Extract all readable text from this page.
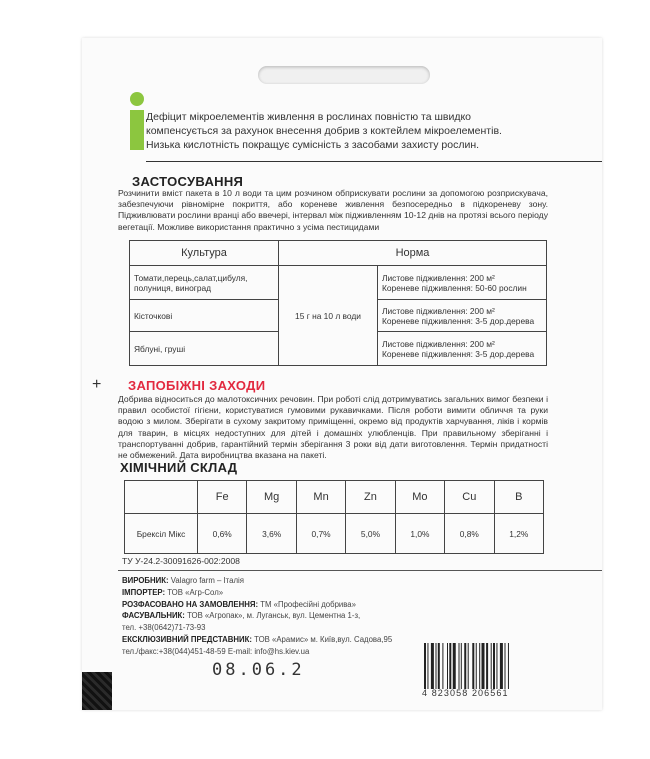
Дефіцит мікроелементів живлення в рослинах повністю та швидко
компенсується за рахунок внесення добрив з коктейлем мікроелементів.
Низька кислотність покращує сумісність з засобами захисту рослин.
ЗАСТОСУВАННЯ
Розчинити вміст пакета в 10 л води та цим розчином обприскувати рослини за допомогою розприскувача, забезпечуючи рівномірне покриття, або кореневе живлення безпосередньо в підкореневу зону. Підживлювати рослини вранці або ввечері, інтервал між підживленням 10-12 днів на протязі всього періоду вегетації. Можливе використання практично з усіма пестицидами
Культура	Норма	
Томати,перець,салат,цибуля, полуниця, виноград	15 г на 10 л води	Листове підживлення: 200 м²
Кореневе підживлення: 50-60 рослин

Кісточкові		Листове підживлення: 200 м²
Кореневе підживлення: 3-5 дор.дерева

Яблуні, груші		Листове підживлення: 200 м²
Кореневе підживлення: 3-5 дор.дерева
ЗАПОБІЖНІ ЗАХОДИ
Добрива відноситься до малотоксичних речовин. При роботі слід дотримуватись загальних вимог безпеки і правил особистої гігієни, користуватися гумовими рукавичками. Після роботи вимити обличчя та руки водою з милом. Зберігати в сухому закритому приміщенні, окремо від продуктів харчування, ліків і кормів для тварин, в місцях недоступних для дітей і домашніх улюбленців. При правильному зберіганні і транспортуванні добрив, гарантійний термін зберігання 3 роки від дати виготовлення. Термін придатності не обмежений. Дата виробництва вказана на пакеті.
ХІМІЧНИЙ СКЛАД
	Fe	Mg	Mn	Zn	Mo	Cu	B
Брексіл Мікс	0,6%	3,6%	0,7%	5,0%	1,0%	0,8%	1,2%
ТУ У-24.2-30091626-002:2008
ВИРОБНИК: Valagro farm – Італія
ІМПОРТЕР: ТОВ «Агр-Сол»
РОЗФАСОВАНО НА ЗАМОВЛЕННЯ: ТМ «Професійні добрива»
ФАСУВАЛЬНИК: ТОВ «Агропак», м. Луганськ, вул. Цементна 1-з,
тел. +38(0642)71-73-93
ЕКСКЛЮЗИВНИЙ ПРЕДСТАВНИК: ТОВ «Арамис» м. Київ,вул. Садова,95
тел./факс:+38(044)451-48-59 E-mail: info@hs.kiev.ua
08.06.2
4 823058 206561
+
